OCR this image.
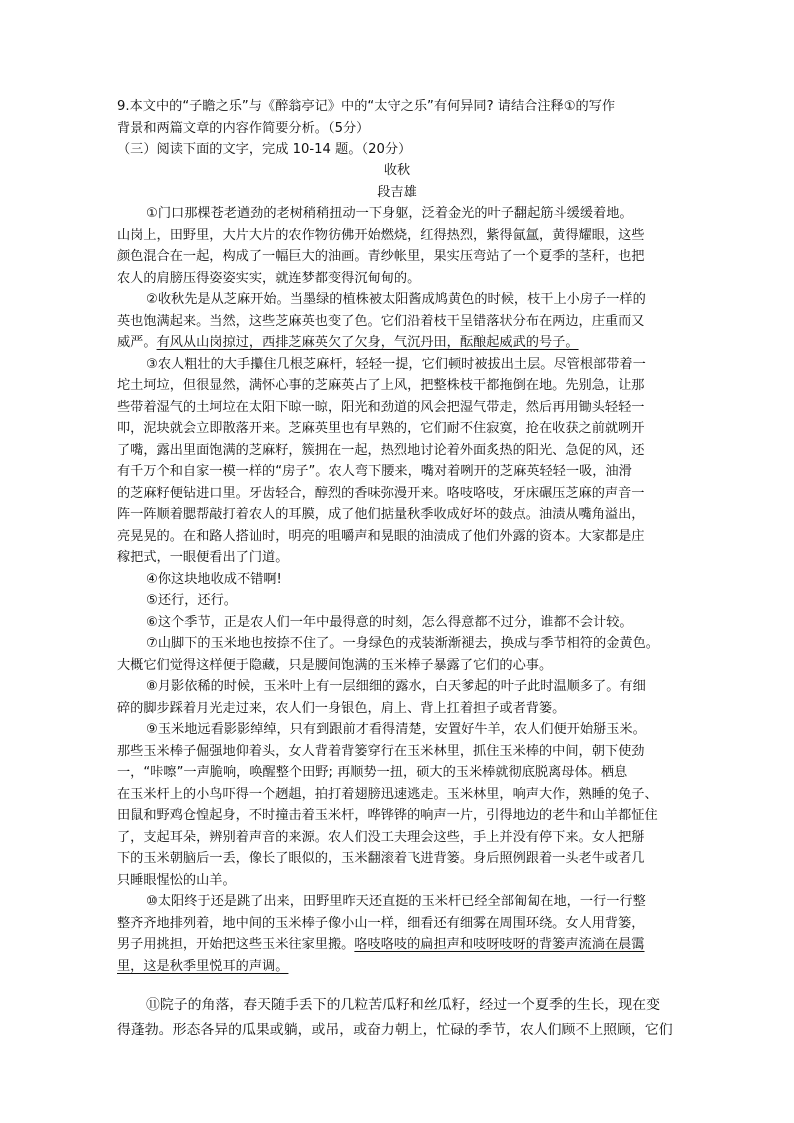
9.本文中的“子瞻之乐”与《醉翁亭记》中的“太守之乐”有何异同? 请结合注释①的写作
背景和两篇文章的内容作简要分析。（5分）
（三）阅读下面的文字，完成 10-14 题。（20分）
收秋
段吉雄
①门口那棵苍老遒劲的老树稍稍扭动一下身躯，泛着金光的叶子翻起筋斗缓缓着地。
山岗上，田野里，大片大片的农作物彷佛开始燃烧，红得热烈，紫得氤氲，黄得耀眼，这些
颜色混合在一起，构成了一幅巨大的油画。青纱帐里，果实压弯站了一个夏季的茎秆，也把
农人的肩膀压得姿姿实实，就连梦都变得沉甸甸的。
②收秋先是从芝麻开始。当墨绿的植株被太阳酱成鸠黄色的时候，枝干上小房子一样的
英也饱满起来。当然，这些芝麻英也变了色。它们沿着枝干呈错落状分布在两边，庄重而又
威严。有风从山岗掠过，西排芝麻英欠了欠身，气沉丹田，酝酿起威武的号子。
③农人粗壮的大手攥住几根芝麻杆，轻轻一提，它们顿时被拔出土层。尽管根部带着一
坨土坷垃，但很显然，满怀心事的芝麻英占了上风，把整株枝干都拖倒在地。先别急，让那
些带着湿气的土坷垃在太阳下晾一晾，阳光和劲道的风会把湿气带走，然后再用锄头轻轻一
叩，泥块就会立即散落开来。芝麻英里也有早熟的，它们耐不住寂寞，抢在收获之前就咧开
了嘴，露出里面饱满的芝麻籽，簇拥在一起，热烈地讨论着外面炙热的阳光、急促的风，还
有千万个和自家一模一样的“房子”。农人弯下腰来，嘴对着咧开的芝麻英轻轻一吸，油滑
的芝麻籽便钻进口里。牙齿轻合，醇烈的香味弥漫开来。咯吱咯吱，牙床碾压芝麻的声音一
阵一阵顺着腮帮敲打着农人的耳膜，成了他们掂量秋季收成好坏的鼓点。油渍从嘴角溢出，
亮晃晃的。在和路人搭讪时，明亮的咀嚼声和晃眼的油渍成了他们外露的资本。大家都是庄
稼把式，一眼便看出了门道。
④你这块地收成不错啊!
⑤还行，还行。
⑥这个季节，正是农人们一年中最得意的时刻，怎么得意都不过分，谁都不会计较。
⑦山脚下的玉米地也按捺不住了。一身绿色的戎装渐渐褪去，换成与季节相符的金黄色。
大概它们觉得这样便于隐藏，只是腰间饱满的玉米棒子暴露了它们的心事。
⑧月影依稀的时候，玉米叶上有一层细细的露水，白天爹起的叶子此时温顺多了。有细
碎的脚步踩着月光走过来，农人们一身银色，肩上、背上扛着担子或者背篓。
⑨玉米地远看影影绰绰，只有到跟前才看得清楚，安置好牛羊，农人们便开始掰玉米。
那些玉米棒子倔强地仰着头，女人背着背篓穿行在玉米林里，抓住玉米棒的中间，朝下使劲
一，“咔嚓”一声脆响，唤醒整个田野; 再顺势一扭，硕大的玉米棒就彻底脱离母体。栖息
在玉米杆上的小鸟吓得一个趔趄，拍打着翅膀迅速逃走。玉米林里，响声大作，熟睡的兔子、
田鼠和野鸡仓惶起身，不时撞击着玉米杆，哗铧铧的响声一片，引得地边的老牛和山羊都怔住
了，支起耳朵，辨别着声音的来源。农人们没工夫理会这些，手上并没有停下来。女人把掰
下的玉米朝脑后一丢，像长了眼似的，玉米翻滚着飞进背篓。身后照例跟着一头老牛或者几
只睡眼惺忪的山羊。
⑩太阳终于还是跳了出来，田野里昨天还直挺的玉米杆已经全部匍匐在地，一行一行整
整齐齐地排列着，地中间的玉米棒子像小山一样，细看还有细雾在周围环绕。女人用背篓，
男子用挑担，开始把这些玉米往家里搬。咯吱咯吱的扁担声和吱呀吱呀的背篓声流淌在晨霭
里，这是秋季里悦耳的声调。
⑪院子的角落，春天随手丢下的几粒苦瓜籽和丝瓜籽，经过一个夏季的生长，现在变
得蓬勃。形态各异的瓜果或躺，或吊，或奋力朝上，忙碌的季节，农人们顾不上照顾，它们
